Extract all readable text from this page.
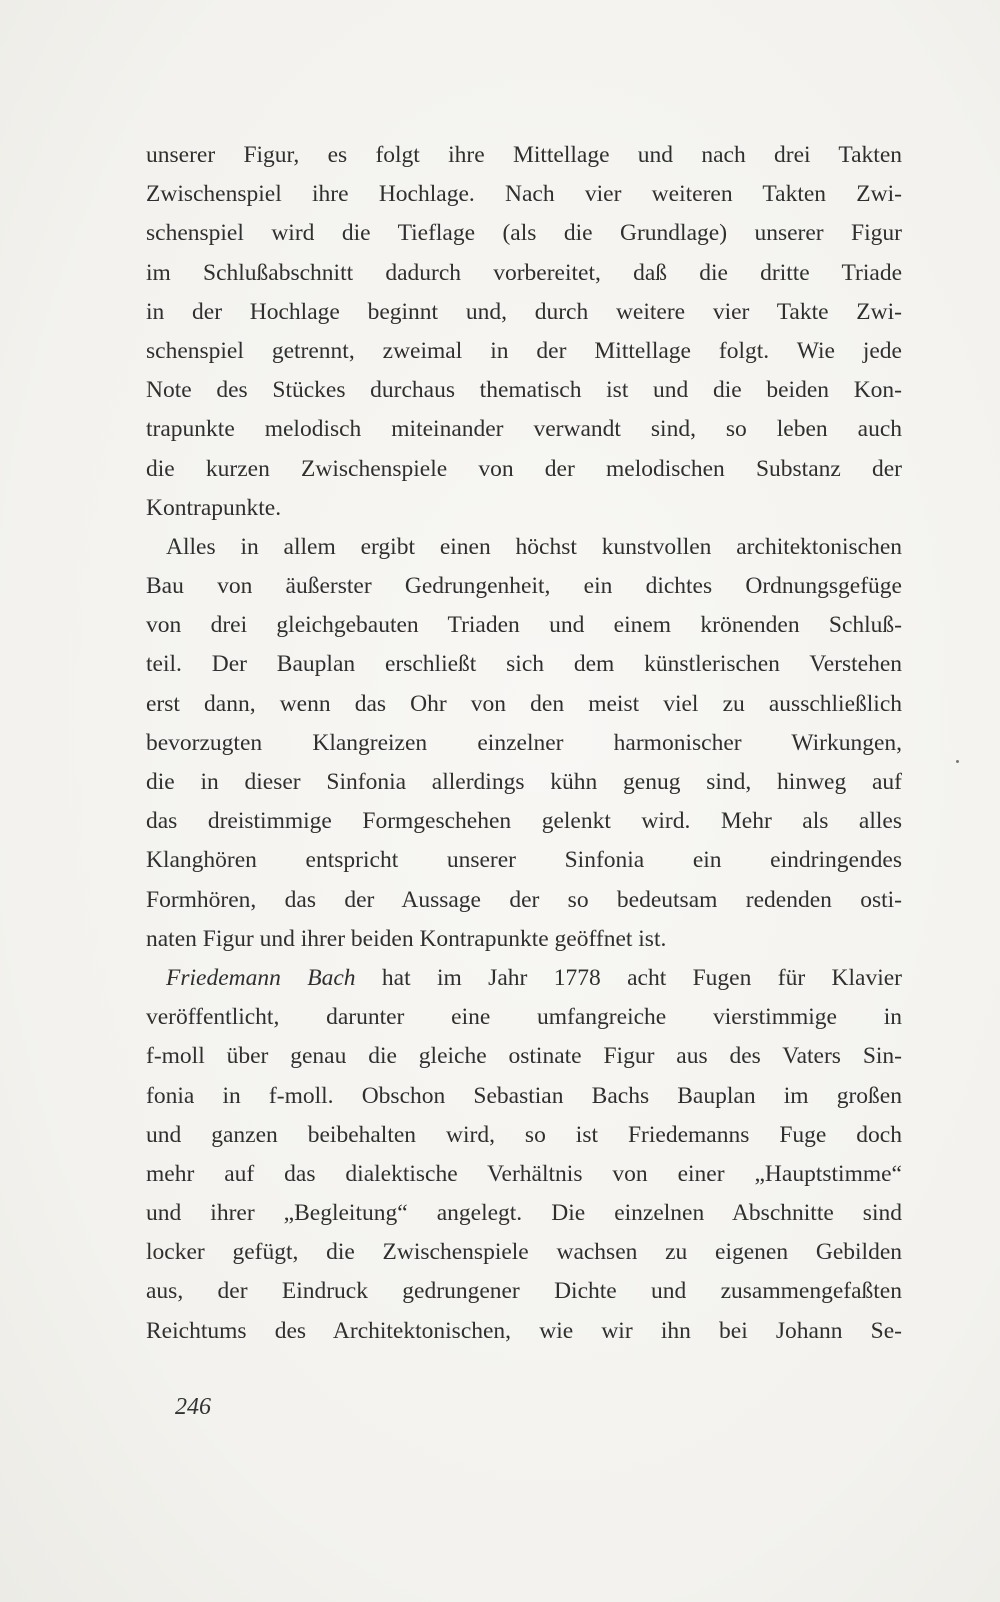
unserer Figur, es folgt ihre Mittellage und nach drei Takten
Zwischenspiel ihre Hochlage. Nach vier weiteren Takten Zwi-
schenspiel wird die Tieflage (als die Grundlage) unserer Figur
im Schlußabschnitt dadurch vorbereitet, daß die dritte Triade
in der Hochlage beginnt und, durch weitere vier Takte Zwi-
schenspiel getrennt, zweimal in der Mittellage folgt. Wie jede
Note des Stückes durchaus thematisch ist und die beiden Kon-
trapunkte melodisch miteinander verwandt sind, so leben auch
die kurzen Zwischenspiele von der melodischen Substanz der
Kontrapunkte.
Alles in allem ergibt einen höchst kunstvollen architektonischen
Bau von äußerster Gedrungenheit, ein dichtes Ordnungsgefüge
von drei gleichgebauten Triaden und einem krönenden Schluß-
teil. Der Bauplan erschließt sich dem künstlerischen Verstehen
erst dann, wenn das Ohr von den meist viel zu ausschließlich
bevorzugten Klangreizen einzelner harmonischer Wirkungen,
die in dieser Sinfonia allerdings kühn genug sind, hinweg auf
das dreistimmige Formgeschehen gelenkt wird. Mehr als alles
Klanghören entspricht unserer Sinfonia ein eindringendes
Formhören, das der Aussage der so bedeutsam redenden osti-
naten Figur und ihrer beiden Kontrapunkte geöffnet ist.
Friedemann Bach hat im Jahr 1778 acht Fugen für Klavier
veröffentlicht, darunter eine umfangreiche vierstimmige in
f-moll über genau die gleiche ostinate Figur aus des Vaters Sin-
fonia in f-moll. Obschon Sebastian Bachs Bauplan im großen
und ganzen beibehalten wird, so ist Friedemanns Fuge doch
mehr auf das dialektische Verhältnis von einer „Hauptstimme“
und ihrer „Begleitung“ angelegt. Die einzelnen Abschnitte sind
locker gefügt, die Zwischenspiele wachsen zu eigenen Gebilden
aus, der Eindruck gedrungener Dichte und zusammengefaßten
Reichtums des Architektonischen, wie wir ihn bei Johann Se-
246
